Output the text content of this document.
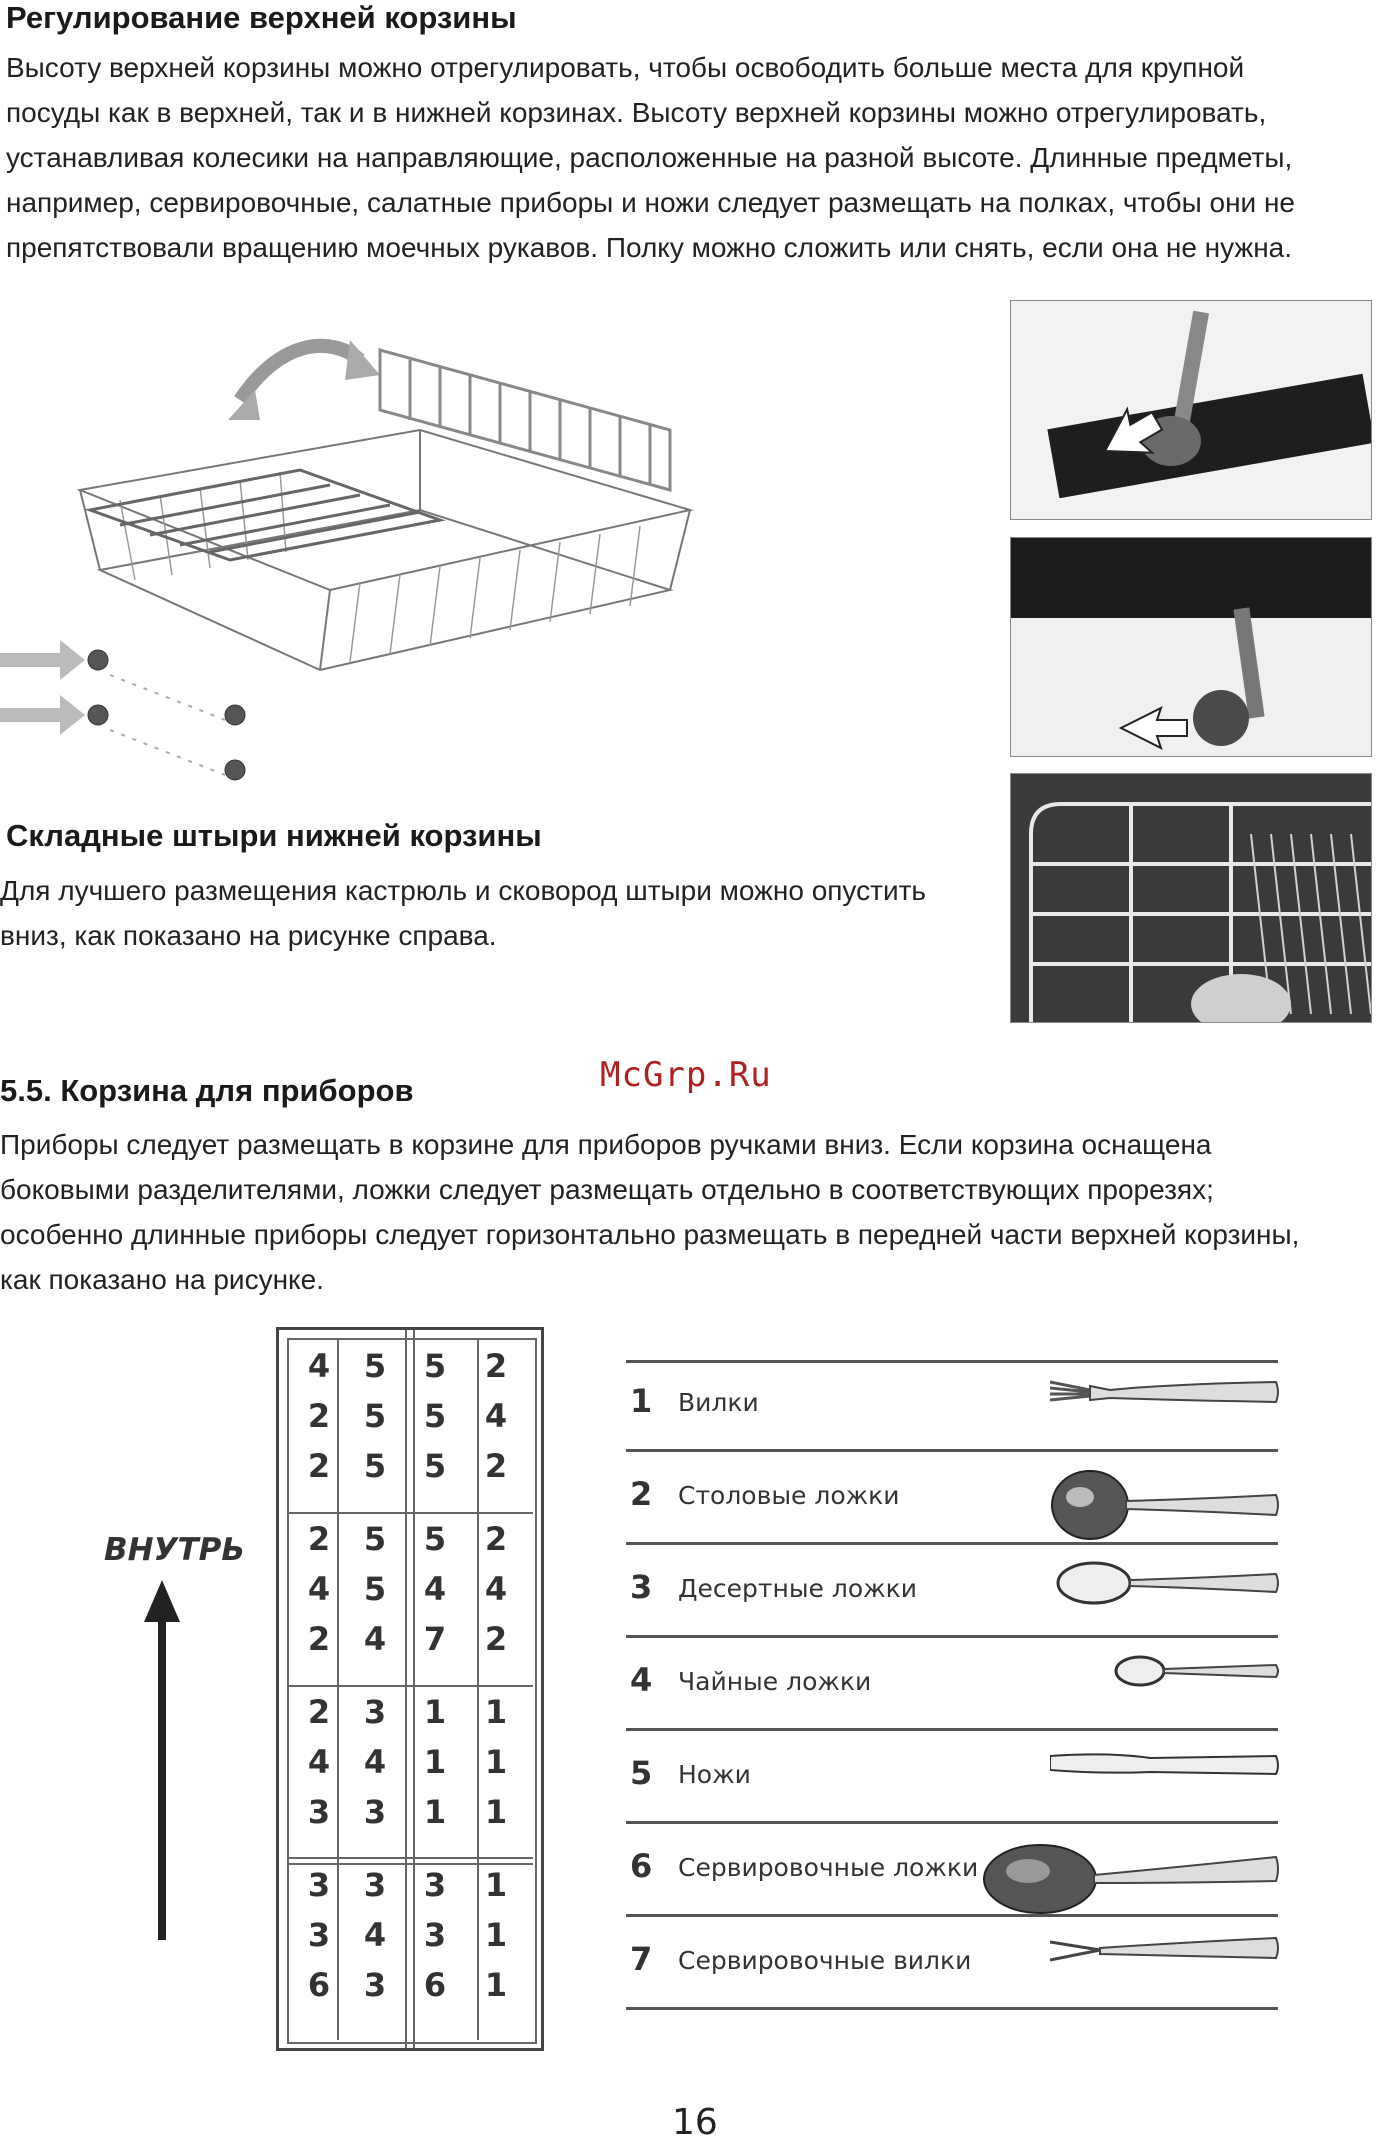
Регулирование верхней корзины

Высоту верхней корзины можно отрегулировать, чтобы освободить больше места для крупной
посуды как в верхней, так и в нижней корзинах. Высоту верхней корзины можно отрегулировать,
устанавливая колесики на направляющие, расположенные на разной высоте. Длинные предметы,
например, сервировочные, салатные приборы и ножи следует размещать на полках, чтобы они не
препятствовали вращению моечных рукавов. Полку можно сложить или снять, если она не нужна.

Складные штыри нижней корзины

Для лучшего размещения кастрюль и сковород штыри можно опустить
вниз, как показано на рисунке справа.

5.5. Корзина для приборов	McGrp.Ru

Приборы следует размещать в корзине для приборов ручками вниз. Если корзина оснащена
боковыми разделителями, ложки следует размещать отдельно в соответствующих прорезях;
особенно длинные приборы следует горизонтально размещать в передней части верхней корзины,
как показано на рисунке.

ВНУТРЬ
4	5	5	2
2	5	5	4
2	5	5	2
2	5	5	2
4	5	4	4
2	4	7	2
2	3	1	1
4	4	1	1
3	3	1	1
3	3	3	1
3	4	3	1
6	3	6	1
1 Вилки
2 Столовые ложки
3 Десертные ложки
4 Чайные ложки
5 Ножи
6 Сервировочные ложки
7 Сервировочные вилки
16
